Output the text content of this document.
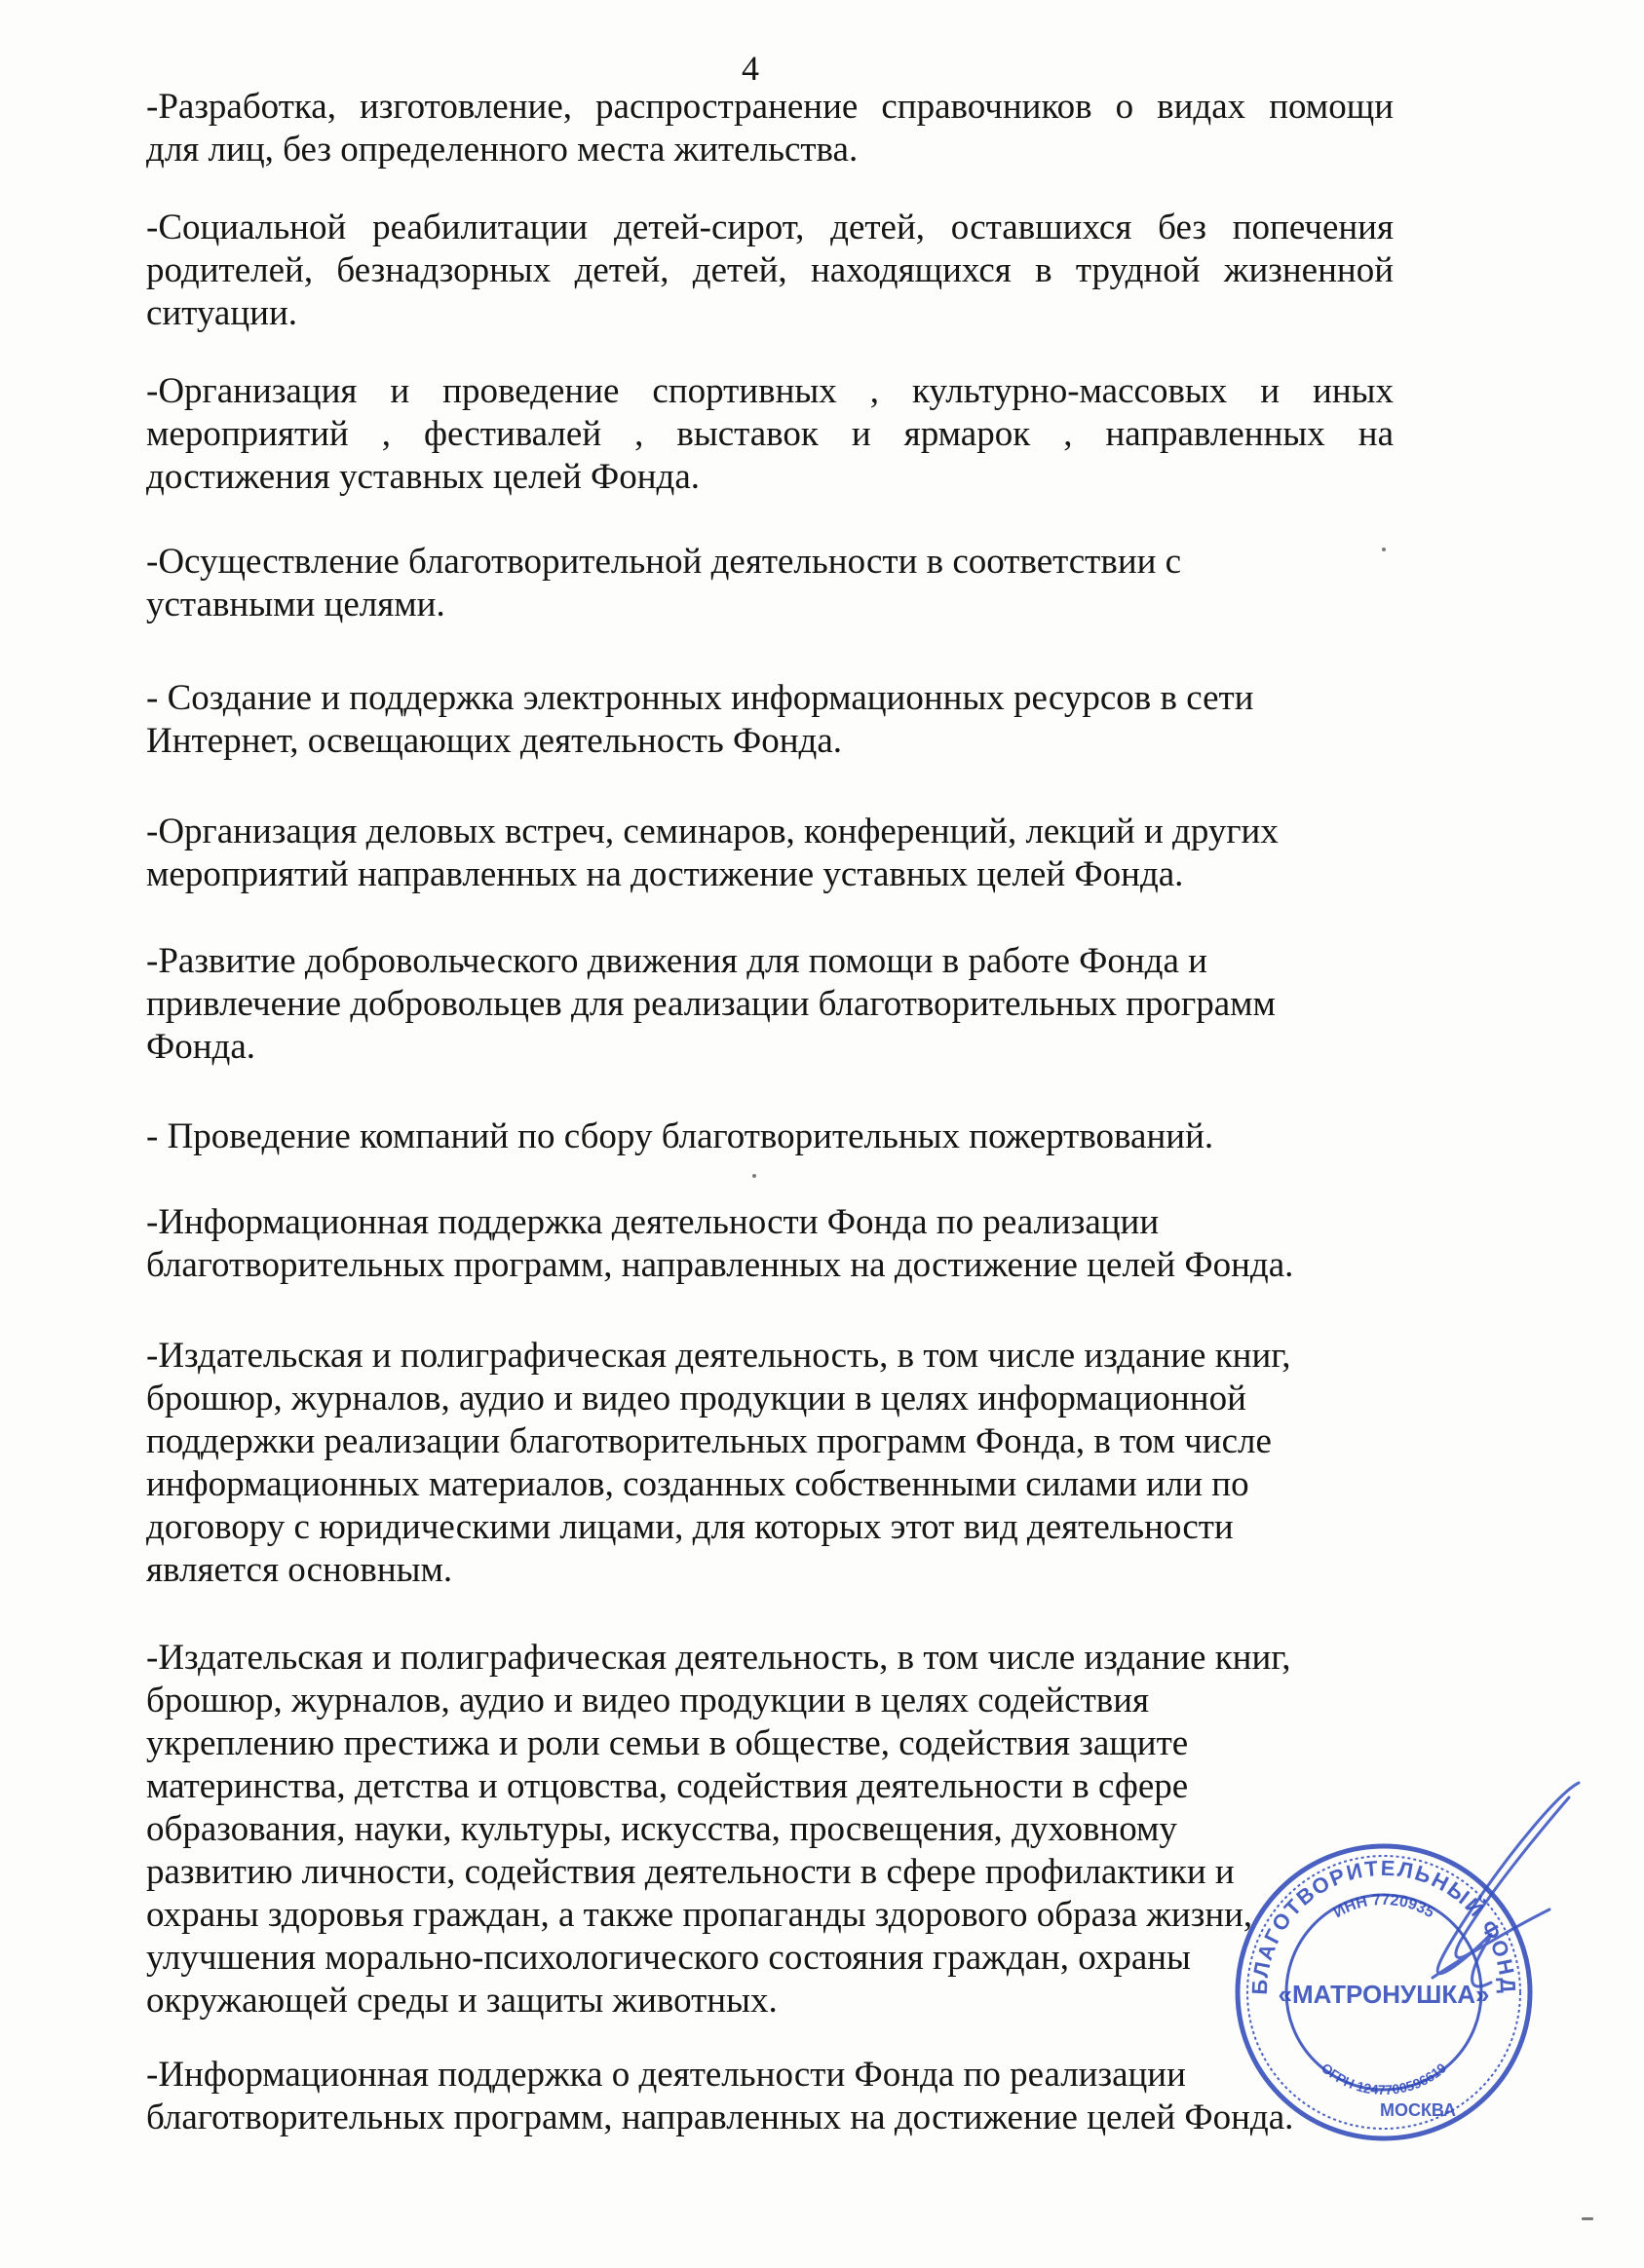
4
-Разработка, изготовление, распространение справочников о видах помощи
для лиц, без определенного места жительства.
-Социальной реабилитации детей-сирот, детей, оставшихся без попечения
родителей, безнадзорных детей, детей, находящихся в трудной жизненной
ситуации.
-Организация и проведение спортивных , культурно-массовых и иных
мероприятий , фестивалей , выставок и ярмарок , направленных на
достижения уставных целей Фонда.
-Осуществление благотворительной деятельности в соответствии с
уставными целями.
- Создание и поддержка электронных информационных ресурсов в сети
Интернет, освещающих деятельность Фонда.
-Организация деловых встреч, семинаров, конференций, лекций и других
мероприятий направленных на достижение уставных целей Фонда.
-Развитие добровольческого движения для помощи в работе Фонда и
привлечение добровольцев для реализации благотворительных программ
Фонда.
- Проведение компаний по сбору благотворительных пожертвований.
-Информационная поддержка деятельности Фонда по реализации
благотворительных программ, направленных на достижение целей Фонда.
-Издательская и полиграфическая деятельность, в том числе издание книг,
брошюр, журналов, аудио и видео продукции в целях информационной
поддержки реализации благотворительных программ Фонда, в том числе
информационных материалов, созданных собственными силами или по
договору с юридическими лицами, для которых этот вид деятельности
является основным.
-Издательская и полиграфическая деятельность, в том числе издание книг,
брошюр, журналов, аудио и видео продукции в целях содействия
укреплению престижа и роли семьи в обществе, содействия защите
материнства, детства и отцовства, содействия деятельности в сфере
образования, науки, культуры, искусства, просвещения, духовному
развитию личности, содействия деятельности в сфере профилактики и
охраны здоровья граждан, а также пропаганды здорового образа жизни,
улучшения морально-психологического состояния граждан, охраны
окружающей среды и защиты животных.
-Информационная поддержка о деятельности Фонда по реализации
благотворительных программ, направленных на достижение целей Фонда.
БЛАГОТВОРИТЕЛЬНЫЙ ФОНД
ИНН 7720935
«МАТРОНУШКА»
ОГРН 1247700596619
МОСКВА
